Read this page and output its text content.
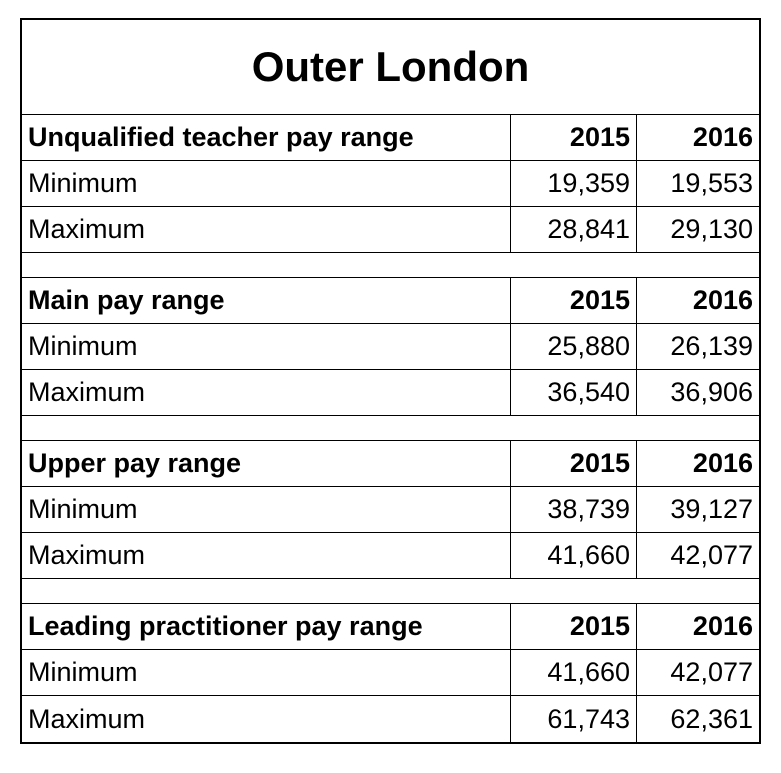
Outer London
Unqualified teacher pay range	2015	2016
Minimum	19,359	19,553
Maximum	28,841	29,130
Main pay range	2015	2016
Minimum	25,880	26,139
Maximum	36,540	36,906
Upper pay range	2015	2016
Minimum	38,739	39,127
Maximum	41,660	42,077
Leading practitioner pay range	2015	2016
Minimum	41,660	42,077
Maximum	61,743	62,361
